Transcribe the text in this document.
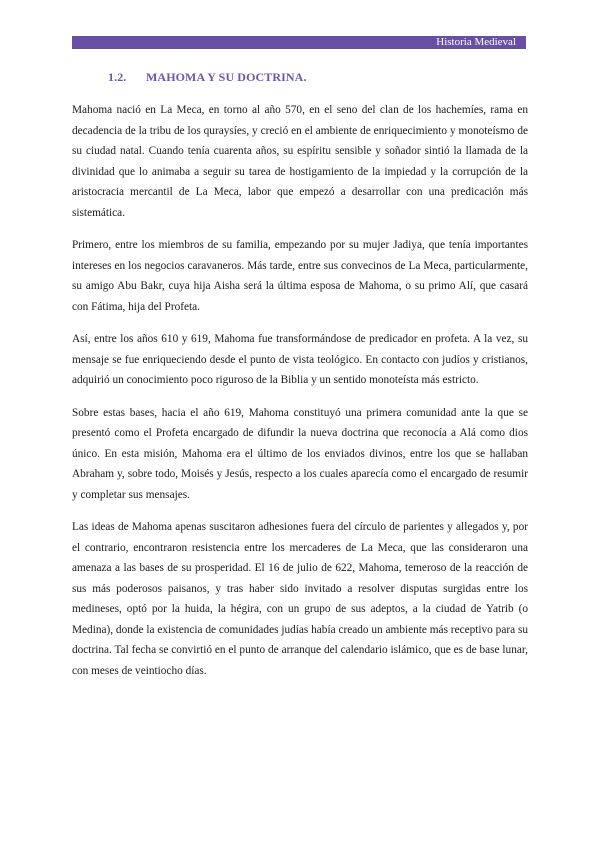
Historia Medieval
1.2. MAHOMA Y SU DOCTRINA.

Mahoma nació en La Meca, en torno al año 570, en el seno del clan de los hachemíes, rama en decadencia de la tribu de los quraysíes, y creció en el ambiente de enriquecimiento y monoteísmo de su ciudad natal. Cuando tenía cuarenta años, su espíritu sensible y soñador sintió la llamada de la divinidad que lo animaba a seguir su tarea de hostigamiento de la impiedad y la corrupción de la aristocracia mercantil de La Meca, labor que empezó a desarrollar con una predicación más sistemática.

Primero, entre los miembros de su familia, empezando por su mujer Jadiya, que tenía importantes intereses en los negocios caravaneros. Más tarde, entre sus convecinos de La Meca, particularmente, su amigo Abu Bakr, cuya hija Aisha será la última esposa de Mahoma, o su primo Alí, que casará con Fátima, hija del Profeta.

Así, entre los años 610 y 619, Mahoma fue transformándose de predicador en profeta. A la vez, su mensaje se fue enriqueciendo desde el punto de vista teológico. En contacto con judíos y cristianos, adquirió un conocimiento poco riguroso de la Biblia y un sentido monoteísta más estricto.

Sobre estas bases, hacia el año 619, Mahoma constituyó una primera comunidad ante la que se presentó como el Profeta encargado de difundir la nueva doctrina que reconocía a Alá como dios único. En esta misión, Mahoma era el último de los enviados divinos, entre los que se hallaban Abraham y, sobre todo, Moisés y Jesús, respecto a los cuales aparecía como el encargado de resumir y completar sus mensajes.

Las ideas de Mahoma apenas suscitaron adhesiones fuera del círculo de parientes y allegados y, por el contrario, encontraron resistencia entre los mercaderes de La Meca, que las consideraron una amenaza a las bases de su prosperidad. El 16 de julio de 622, Mahoma, temeroso de la reacción de sus más poderosos paisanos, y tras haber sido invitado a resolver disputas surgidas entre los medineses, optó por la huida, la hégira, con un grupo de sus adeptos, a la ciudad de Yatrib (o Medina), donde la existencia de comunidades judías había creado un ambiente más receptivo para su doctrina. Tal fecha se convirtió en el punto de arranque del calendario islámico, que es de base lunar, con meses de veintiocho días.
